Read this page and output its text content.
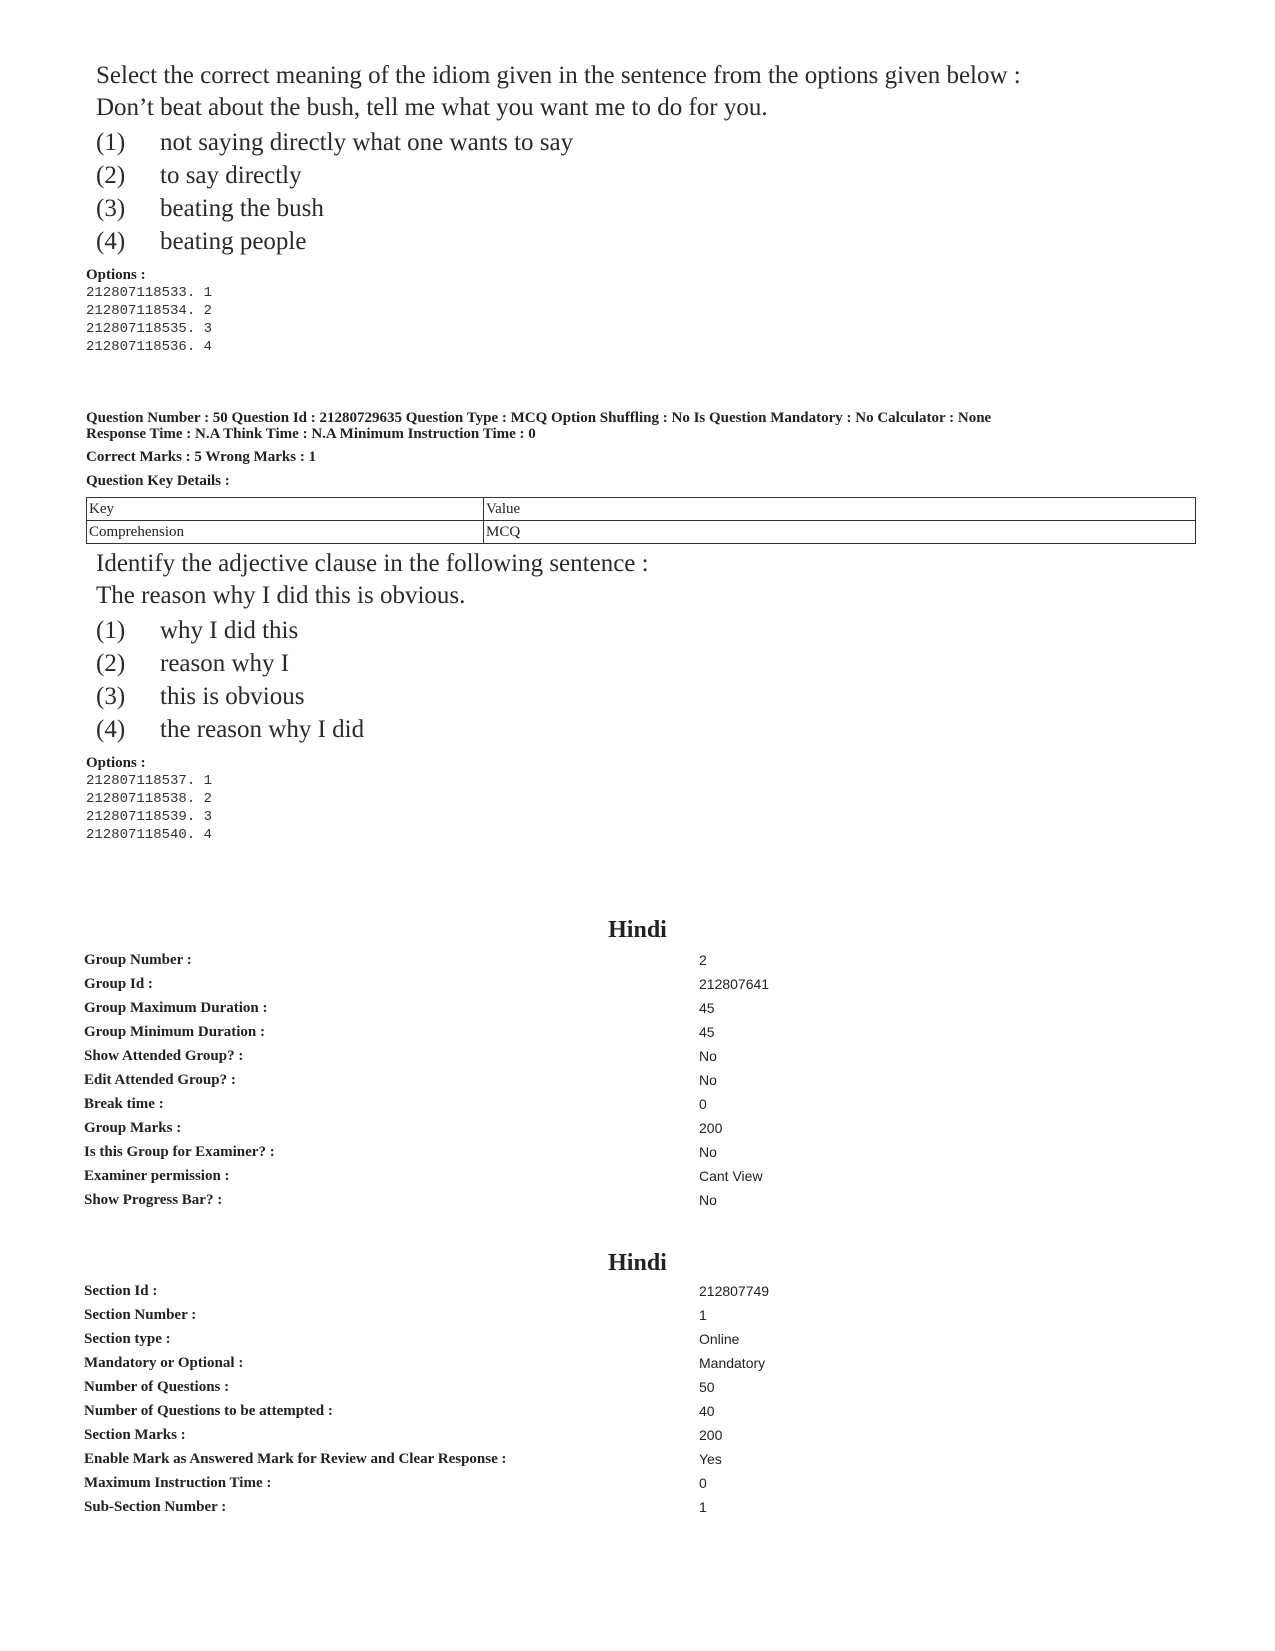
Select the correct meaning of the idiom given in the sentence from the options given below :

Don’t beat about the bush, tell me what you want me to do for you.

(1)	not saying directly what one wants to say
(2)	to say directly
(3)	beating the bush
(4)	beating people
Options :
212807118533. 1
212807118534. 2
212807118535. 3
212807118536. 4

Question Number : 50 Question Id : 21280729635 Question Type : MCQ Option Shuffling : No Is Question Mandatory : No Calculator : None

Response Time : N.A Think Time : N.A Minimum Instruction Time : 0

Correct Marks : 5 Wrong Marks : 1

Question Key Details :

Key	Value
Comprehension	MCQ

Identify the adjective clause in the following sentence :

The reason why I did this is obvious.

(1)	why I did this
(2)	reason why I
(3)	this is obvious
(4)	the reason why I did
Options :
212807118537. 1
212807118538. 2
212807118539. 3
212807118540. 4
Hindi
Group Number :	2
Group Id :	212807641
Group Maximum Duration :	45
Group Minimum Duration :	45
Show Attended Group? :	No
Edit Attended Group? :	No
Break time :	0
Group Marks :	200
Is this Group for Examiner? :	No
Examiner permission :	Cant View
Show Progress Bar? :	No
Hindi
Section Id :	212807749
Section Number :	1
Section type :	Online
Mandatory or Optional :	Mandatory
Number of Questions :	50
Number of Questions to be attempted :	40
Section Marks :	200
Enable Mark as Answered Mark for Review and Clear Response :	Yes
Maximum Instruction Time :	0
Sub-Section Number :	1
